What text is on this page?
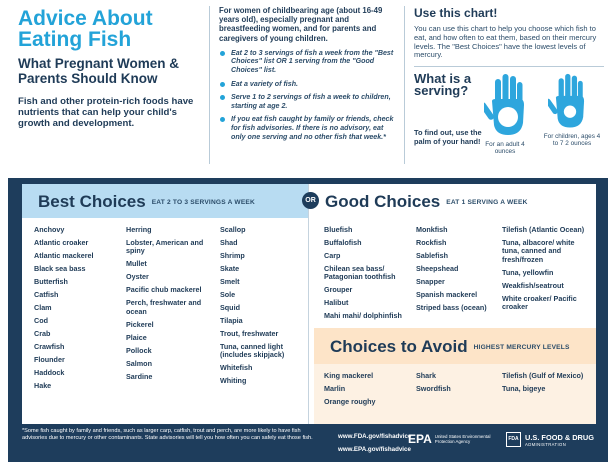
Advice About Eating Fish
What Pregnant Women & Parents Should Know
Fish and other protein-rich foods have nutrients that can help your child's growth and development.
For women of childbearing age (about 16-49 years old), especially pregnant and breastfeeding women, and for parents and caregivers of young children.
Eat 2 to 3 servings of fish a week from the "Best Choices" list OR 1 serving from the "Good Choices" list.
Eat a variety of fish.
Serve 1 to 2 servings of fish a week to children, starting at age 2.
If you eat fish caught by family or friends, check for fish advisories. If there is no advisory, eat only one serving and no other fish that week.*
Use this chart!
You can use this chart to help you choose which fish to eat, and how often to eat them, based on their mercury levels. The "Best Choices" have the lowest levels of mercury.
What is a serving?
To find out, use the palm of your hand! For an adult 4 ounces
For children, ages 4 to 7 2 ounces
Best Choices EAT 2 TO 3 SERVINGS A WEEK	OR Good Choices EAT 1 SERVING A WEEK
Anchovy
Atlantic croaker
Atlantic mackerel
Black sea bass
Butterfish
Catfish
Clam
Cod
Crab
Crawfish
Flounder
Haddock
Hake
Herring
Lobster, American and spiny
Mullet
Oyster
Pacific chub mackerel
Perch, freshwater and ocean
Pickerel
Plaice
Pollock
Salmon
Sardine
Scallop
Shad
Shrimp
Skate
Smelt
Sole
Squid
Tilapia
Trout, freshwater
Tuna, canned light (includes skipjack)
Whitefish
Whiting
Bluefish
Buffalofish
Carp
Chilean sea bass/ Patagonian toothfish
Grouper
Halibut
Mahi mahi/ dolphinfish
Monkfish
Rockfish
Sablefish
Sheepshead
Snapper
Spanish mackerel
Striped bass (ocean)
Tilefish (Atlantic Ocean)
Tuna, albacore/ white tuna, canned and fresh/frozen
Tuna, yellowfin
Weakfish/seatrout
White croaker/ Pacific croaker
Choices to Avoid HIGHEST MERCURY LEVELS
King mackerel
Marlin
Orange roughy
Shark
Swordfish
Tilefish (Gulf of Mexico)
Tuna, bigeye
*Some fish caught by family and friends, such as larger carp, catfish, trout and perch, are more likely to have fish advisories due to mercury or other contaminants. State advisories will tell you how often you can safely eat those fish.	www.FDA.gov/fishadvice
www.EPA.gov/fishadvice
EPA United States Environmental Protection Agency	FDA U.S. FOOD & DRUG
ADMINISTRATION
